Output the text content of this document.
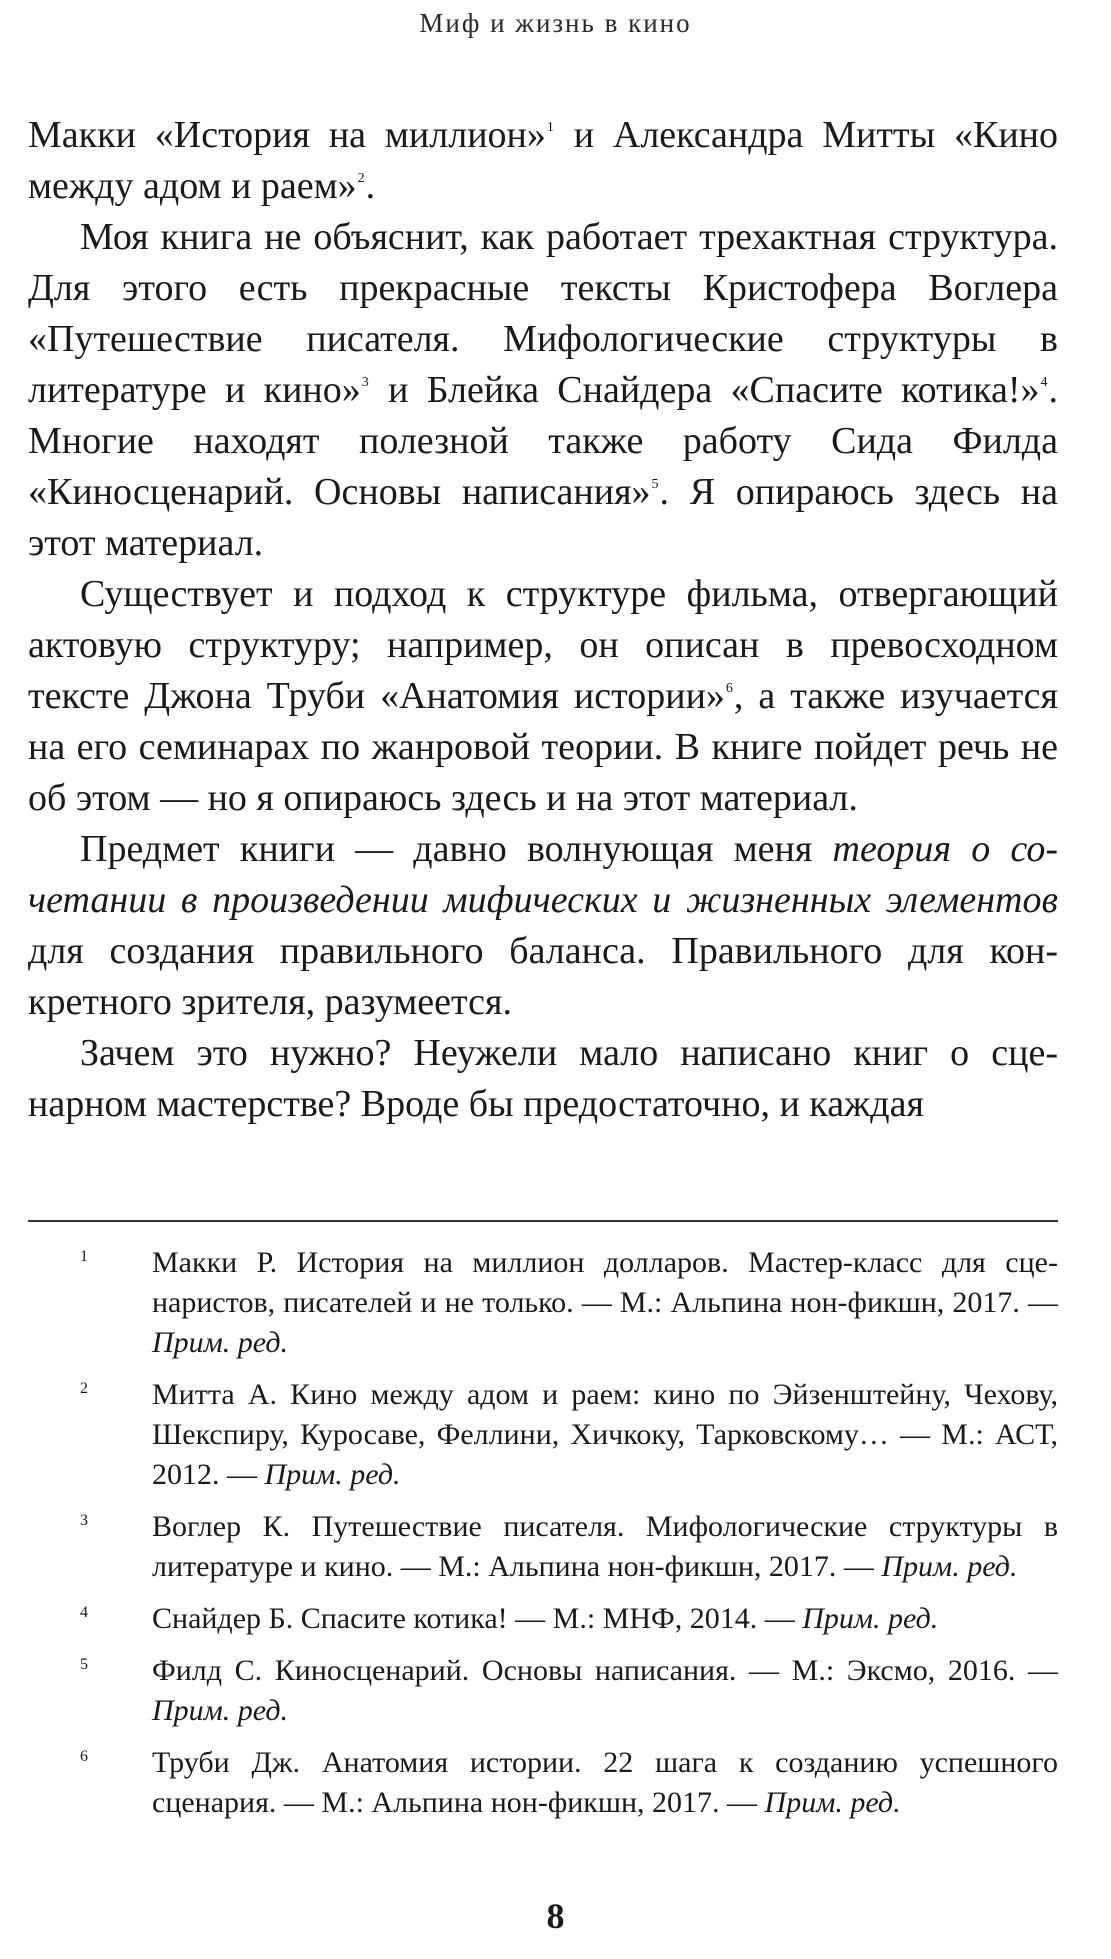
Миф и жизнь в кино

Макки «История на миллион»$^1$ и Александра Митты «Кино между адом и раем»$^2$.

Моя книга не объяснит, как работает трехактная структура. Для этого есть прекрасные тексты Кристофера Воглера «Путешествие писателя. Мифологические структуры в литературе и кино»$^3$ и Блейка Снайдера «Спасите котика!»$^4$. Многие находят полезной также работу Сида Филда «Киносценарий. Основы написания»$^5$. Я опираюсь здесь на этот материал.

Существует и подход к структуре фильма, отвергающий актовую структуру; например, он описан в превосходном тексте Джона Труби «Анатомия истории»$^6$, а также изучается на его семинарах по жанровой теории. В книге пойдет речь не об этом — но я опираюсь здесь и на этот материал.

Предмет книги — давно волнующая меня теория о сочетании в произведении мифических и жизненных элементов для создания правильного баланса. Правильного для конкретного зрителя, разумеется.

Зачем это нужно? Неужели мало написано книг о сценарном мастерстве? Вроде бы предостаточно, и каждая

1	Макки Р. История на миллион долларов. Мастер-класс для сценаристов, писателей и не только. — М.: Альпина нон-фикшн, 2017. — Прим. ред.
2	Митта А. Кино между адом и раем: кино по Эйзенштейну, Чехову, Шекспиру, Куросаве, Феллини, Хичкоку, Тарковскому… — М.: АСТ, 2012. — Прим. ред.
3	Воглер К. Путешествие писателя. Мифологические структуры в литературе и кино. — М.: Альпина нон-фикшн, 2017. — Прим. ред.
4	Снайдер Б. Спасите котика! — М.: МНФ, 2014. — Прим. ред.
5	Филд С. Киносценарий. Основы написания. — М.: Эксмо, 2016. — Прим. ред.
6	Труби Дж. Анатомия истории. 22 шага к созданию успешного сценария. — М.: Альпина нон-фикшн, 2017. — Прим. ред.
8
